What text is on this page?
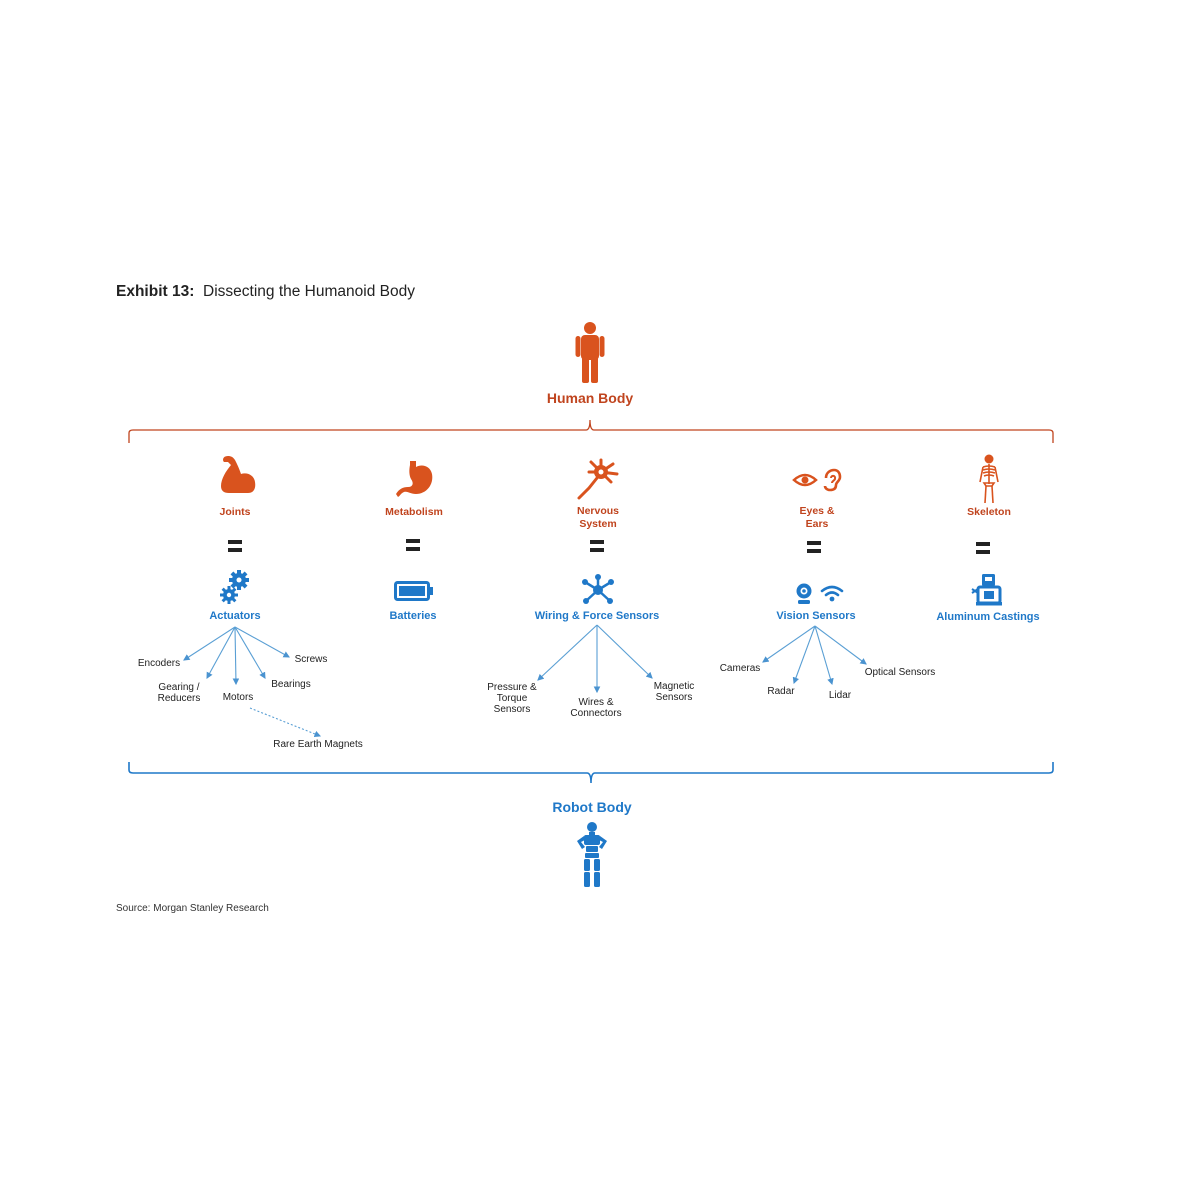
Exhibit 13: Dissecting the Humanoid Body
Human Body
Joints	Metabolism	Nervous
System
Eyes &
Ears
Skeleton
Actuators	Batteries	Wiring & Force Sensors	Vision Sensors	Aluminum Castings
Encoders
Gearing /
Reducers Motors
Bearings
Screws
Rare Earth Magnets
Pressure &
Torque
Sensors
Wires &
Connectors
Magnetic
Sensors
Cameras
Radar	Lidar
Optical Sensors
Robot Body
Source: Morgan Stanley Research
